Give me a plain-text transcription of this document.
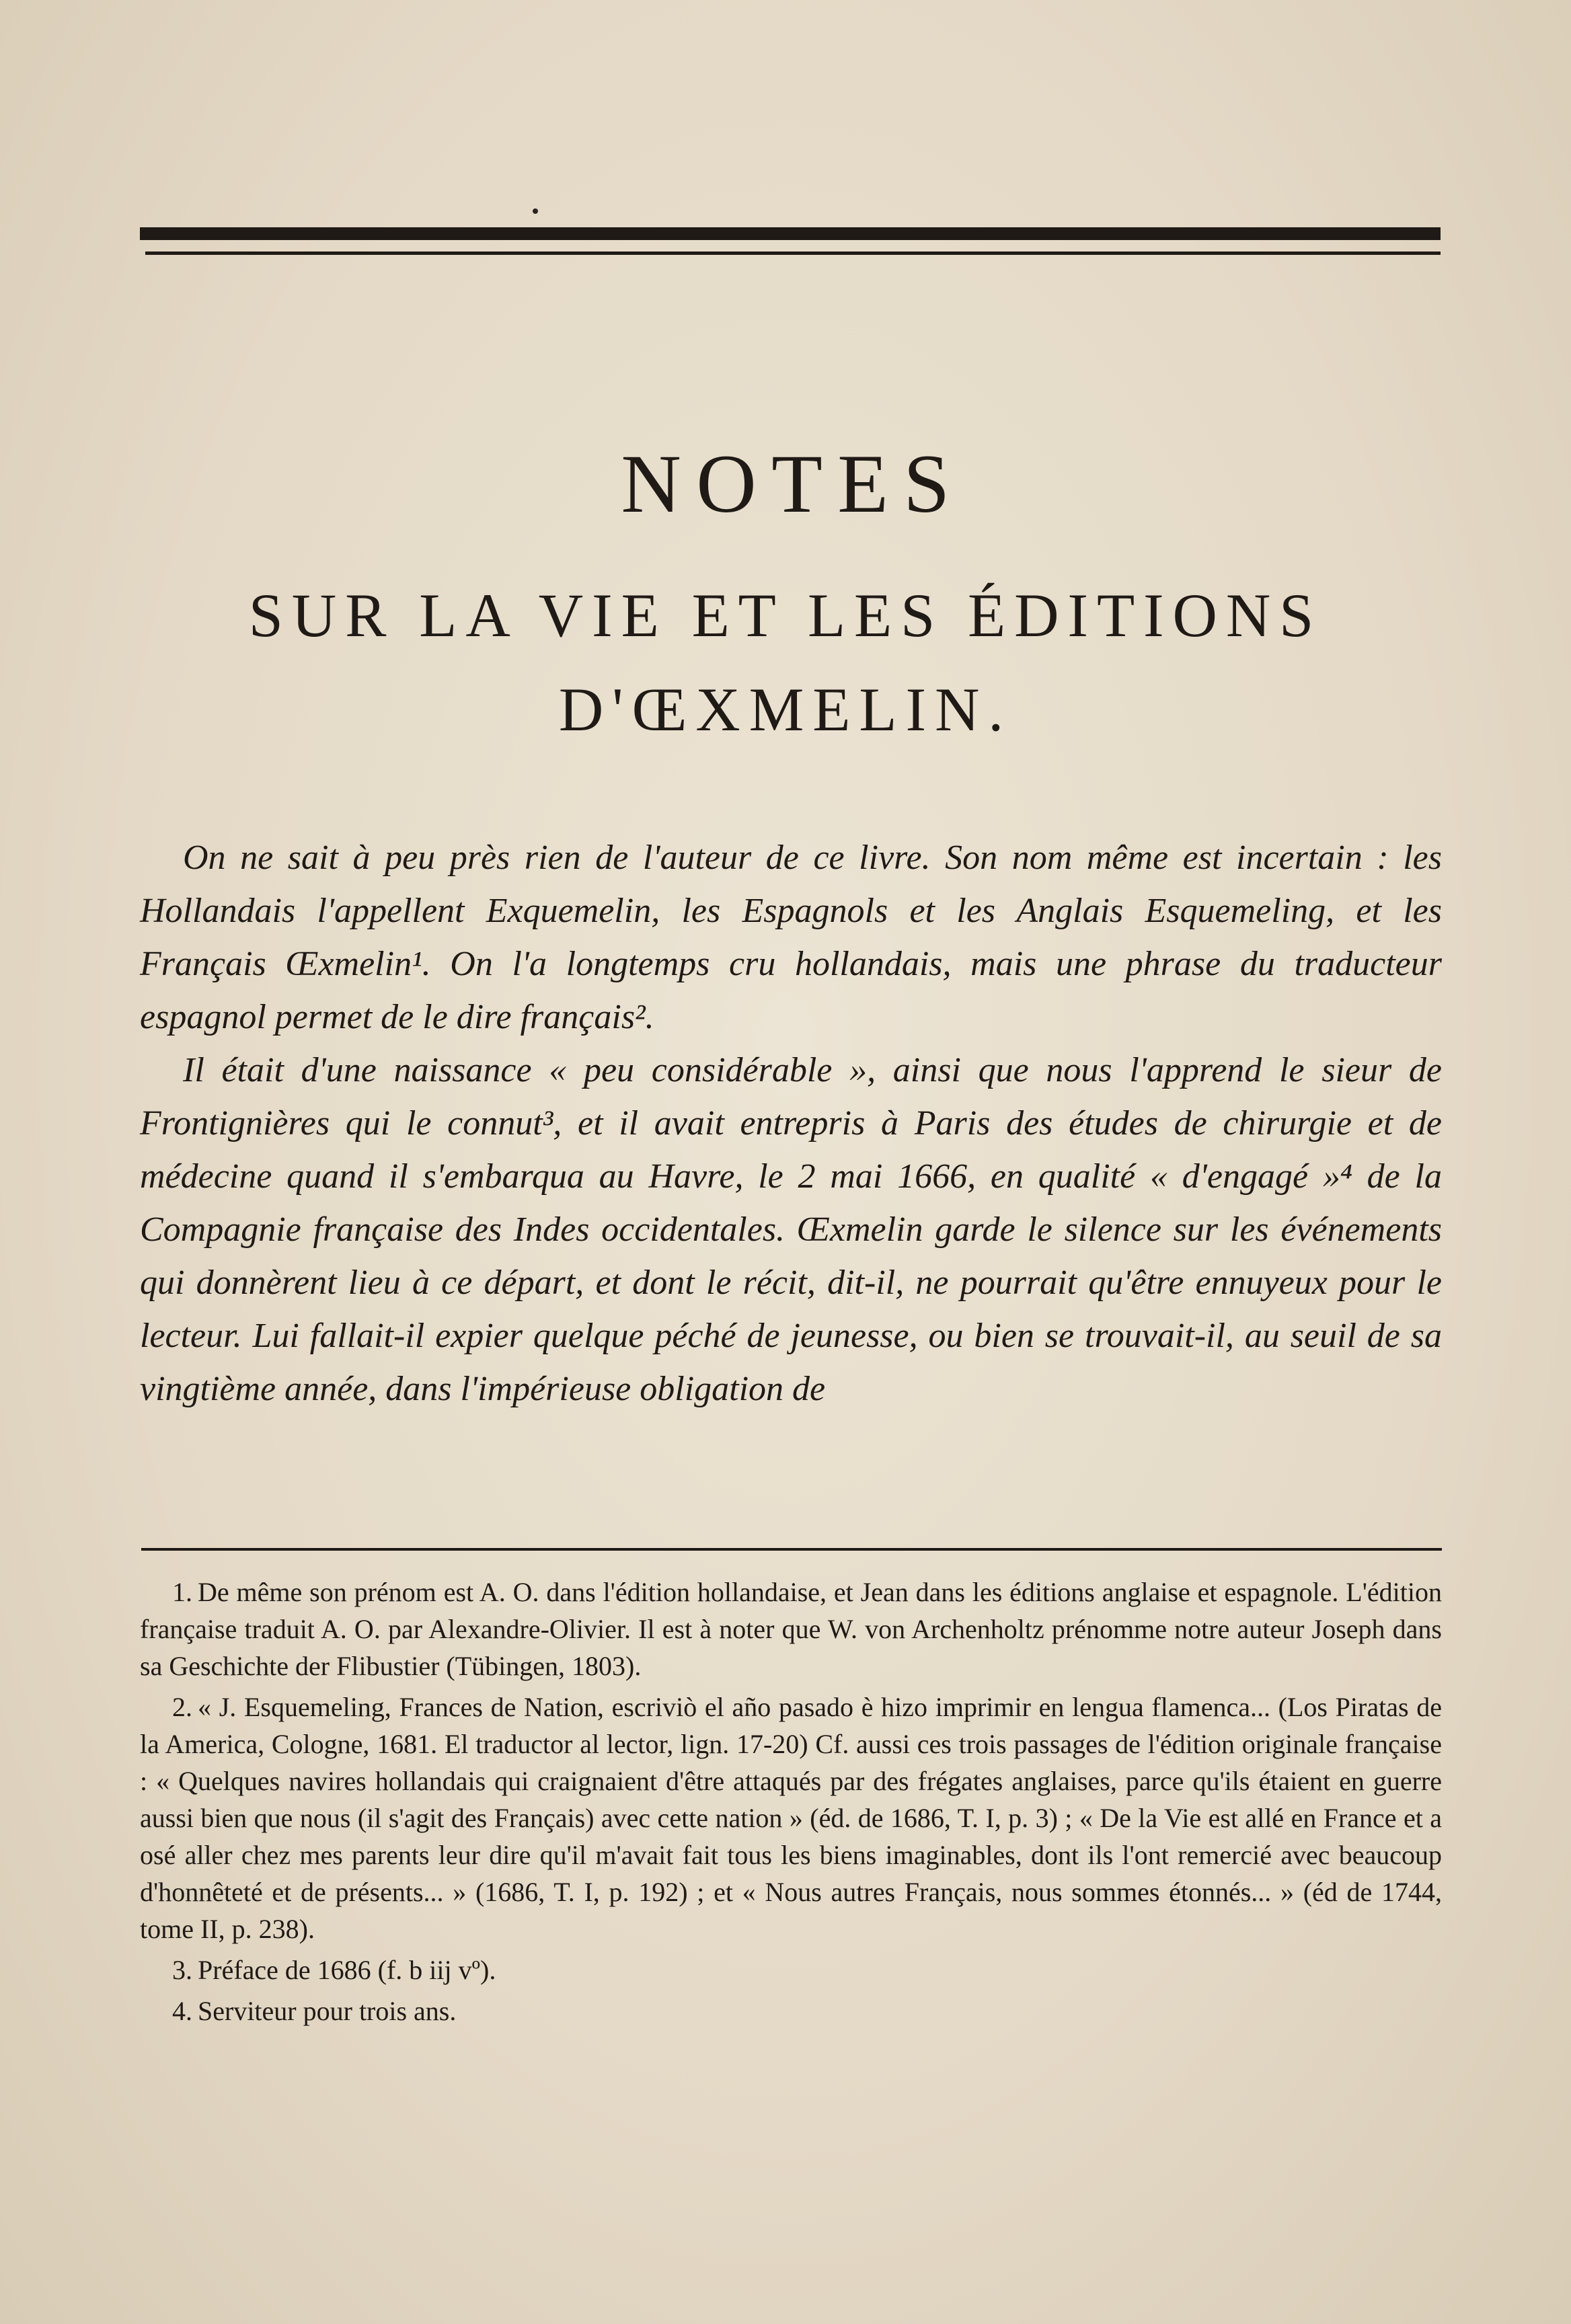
NOTES
SUR LA VIE ET LES ÉDITIONS
D'ŒXMELIN.

On ne sait à peu près rien de l'auteur de ce livre. Son nom même est incertain : les Hollandais l'appellent Exquemelin, les Espagnols et les Anglais Esquemeling, et les Français Œxmelin¹. On l'a longtemps cru hollandais, mais une phrase du traducteur espagnol permet de le dire français².

Il était d'une naissance « peu considérable », ainsi que nous l'apprend le sieur de Frontignières qui le connut³, et il avait entrepris à Paris des études de chirurgie et de médecine quand il s'embarqua au Havre, le 2 mai 1666, en qualité « d'engagé »⁴ de la Compagnie française des Indes occidentales. Œxmelin garde le silence sur les événements qui donnèrent lieu à ce départ, et dont le récit, dit-il, ne pourrait qu'être ennuyeux pour le lecteur. Lui fallait-il expier quelque péché de jeunesse, ou bien se trouvait-il, au seuil de sa vingtième année, dans l'impérieuse obligation de

1. De même son prénom est A. O. dans l'édition hollandaise, et Jean dans les éditions anglaise et espagnole. L'édition française traduit A. O. par Alexandre-Olivier. Il est à noter que W. von Archenholtz prénomme notre auteur Joseph dans sa Geschichte der Flibustier (Tübingen, 1803).

2. « J. Esquemeling, Frances de Nation, escriviò el año pasado è hizo imprimir en lengua flamenca... (Los Piratas de la America, Cologne, 1681. El traductor al lector, lign. 17-20) Cf. aussi ces trois passages de l'édition originale française : « Quelques navires hollandais qui craignaient d'être attaqués par des frégates anglaises, parce qu'ils étaient en guerre aussi bien que nous (il s'agit des Français) avec cette nation » (éd. de 1686, T. I, p. 3) ; « De la Vie est allé en France et a osé aller chez mes parents leur dire qu'il m'avait fait tous les biens imaginables, dont ils l'ont remercié avec beaucoup d'honnêteté et de présents... » (1686, T. I, p. 192) ; et « Nous autres Français, nous sommes étonnés... » (éd de 1744, tome II, p. 238).

3. Préface de 1686 (f. b iij vº).

4. Serviteur pour trois ans.
